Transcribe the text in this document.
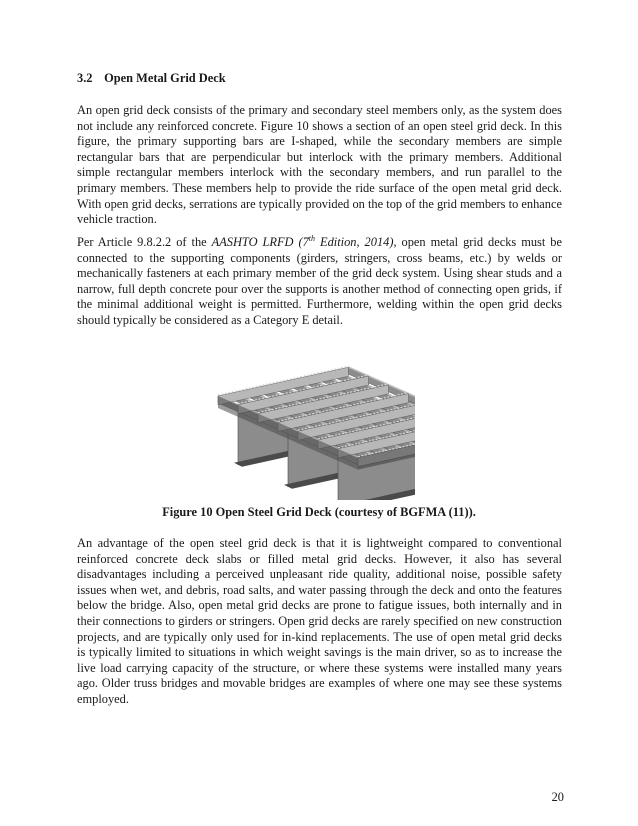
3.2 Open Metal Grid Deck

An open grid deck consists of the primary and secondary steel members only, as the system does not include any reinforced concrete. Figure 10 shows a section of an open steel grid deck. In this figure, the primary supporting bars are I-shaped, while the secondary members are simple rectangular bars that are perpendicular but interlock with the primary members. Additional simple rectangular members interlock with the secondary members, and run parallel to the primary members. These members help to provide the ride surface of the open metal grid deck. With open grid decks, serrations are typically provided on the top of the grid members to enhance vehicle traction.

Per Article 9.8.2.2 of the AASHTO LRFD (7th Edition, 2014), open metal grid decks must be connected to the supporting components (girders, stringers, cross beams, etc.) by welds or mechanically fasteners at each primary member of the grid deck system. Using shear studs and a narrow, full depth concrete pour over the supports is another method of connecting open grids, if the minimal additional weight is permitted. Furthermore, welding within the open grid decks should typically be considered as a Category E detail.

Figure 10 Open Steel Grid Deck (courtesy of BGFMA (11)).

An advantage of the open steel grid deck is that it is lightweight compared to conventional reinforced concrete deck slabs or filled metal grid decks. However, it also has several disadvantages including a perceived unpleasant ride quality, additional noise, possible safety issues when wet, and debris, road salts, and water passing through the deck and onto the features below the bridge. Also, open metal grid decks are prone to fatigue issues, both internally and in their connections to girders or stringers. Open grid decks are rarely specified on new construction projects, and are typically only used for in-kind replacements. The use of open metal grid decks is typically limited to situations in which weight savings is the main driver, so as to increase the live load carrying capacity of the structure, or where these systems were installed many years ago. Older truss bridges and movable bridges are examples of where one may see these systems employed.

20
